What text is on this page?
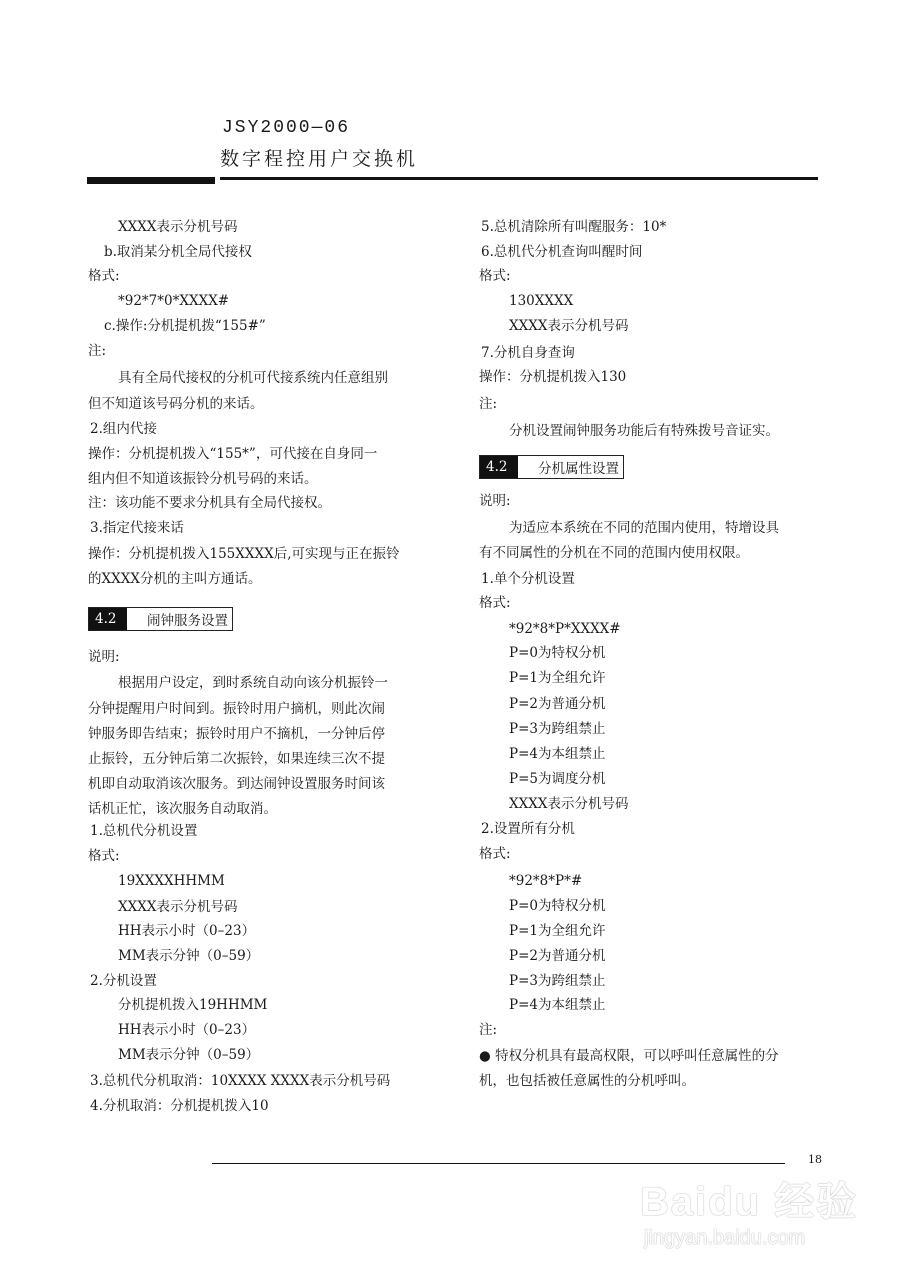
JSY2000—06
数字程控用户交换机
XXXX表示分机号码
b.取消某分机全局代接权
格式:
*92*7*0*XXXX#
c.操作:分机提机拨“155#”
注:
具有全局代接权的分机可代接系统内任意组别
但不知道该号码分机的来话。
2.组内代接
操作：分机提机拨入“155*”，可代接在自身同一
组内但不知道该振铃分机号码的来话。
注：该功能不要求分机具有全局代接权。
3.指定代接来话
操作：分机提机拨入155XXXX后,可实现与正在振铃
的XXXX分机的主叫方通话。
4.2	闹钟服务设置
说明:
根据用户设定，到时系统自动向该分机振铃一
分钟提醒用户时间到。振铃时用户摘机，则此次闹
钟服务即告结束；振铃时用户不摘机，一分钟后停
止振铃，五分钟后第二次振铃，如果连续三次不提
机即自动取消该次服务。到达闹钟设置服务时间该
话机正忙，该次服务自动取消。
1.总机代分机设置
格式:
19XXXXHHMM
XXXX表示分机号码
HH表示小时（0–23）
MM表示分钟（0–59）
2.分机设置
分机提机拨入19HHMM
HH表示小时（0–23）
MM表示分钟（0–59）
3.总机代分机取消：10XXXX XXXX表示分机号码
4.分机取消：分机提机拨入10
5.总机清除所有叫醒服务：10*
6.总机代分机查询叫醒时间
格式:
130XXXX
XXXX表示分机号码
7.分机自身查询
操作：分机提机拨入130
注:
分机设置闹钟服务功能后有特殊拨号音证实。
4.2	分机属性设置
说明:
为适应本系统在不同的范围内使用，特增设具
有不同属性的分机在不同的范围内使用权限。
1.单个分机设置
格式:
*92*8*P*XXXX#
P=0为特权分机
P=1为全组允许
P=2为普通分机
P=3为跨组禁止
P=4为本组禁止
P=5为调度分机
XXXX表示分机号码
2.设置所有分机
格式:
*92*8*P*#
P=0为特权分机
P=1为全组允许
P=2为普通分机
P=3为跨组禁止
P=4为本组禁止
注:
● 特权分机具有最高权限，可以呼叫任意属性的分
机，也包括被任意属性的分机呼叫。
18
Baidu 经验
jingyan.baidu.com
